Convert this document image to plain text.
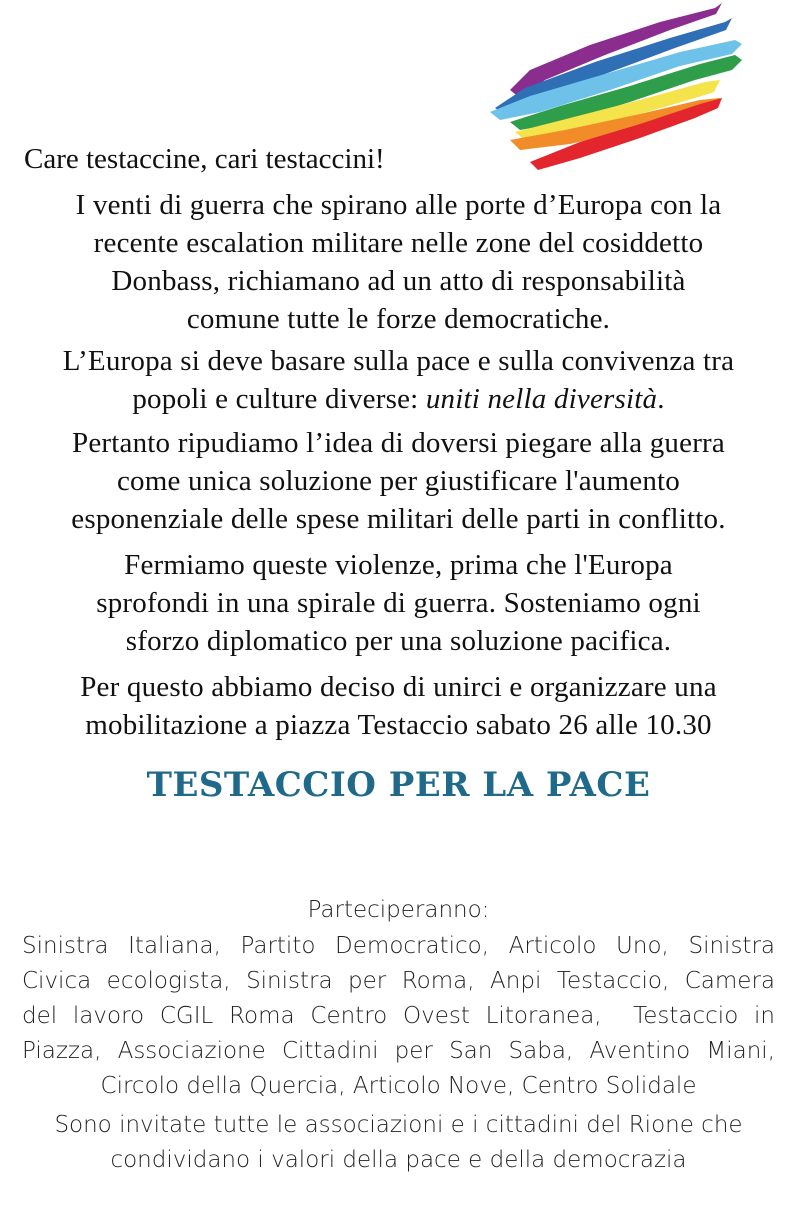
Care testaccine, cari testaccini!

I venti di guerra che spirano alle porte d’Europa con la
recente escalation militare nelle zone del cosiddetto
Donbass, richiamano ad un atto di responsabilità
comune tutte le forze democratiche.

L’Europa si deve basare sulla pace e sulla convivenza tra
popoli e culture diverse: uniti nella diversità.

Pertanto ripudiamo l’idea di doversi piegare alla guerra
come unica soluzione per giustificare l'aumento
esponenziale delle spese militari delle parti in conflitto.

Fermiamo queste violenze, prima che l'Europa
sprofondi in una spirale di guerra. Sosteniamo ogni
sforzo diplomatico per una soluzione pacifica.

Per questo abbiamo deciso di unirci e organizzare una
mobilitazione a piazza Testaccio sabato 26 alle 10.30

TESTACCIO PER LA PACE

Parteciperanno:

Sinistra Italiana, Partito Democratico, Articolo Uno, Sinistra
Civica ecologista, Sinistra per Roma, Anpi Testaccio, Camera
del lavoro CGIL Roma Centro Ovest Litoranea,  Testaccio in
Piazza, Associazione Cittadini per San Saba, Aventino Miani,
Circolo della Quercia, Articolo Nove, Centro Solidale

Sono invitate tutte le associazioni e i cittadini del Rione che
condividano i valori della pace e della democrazia
